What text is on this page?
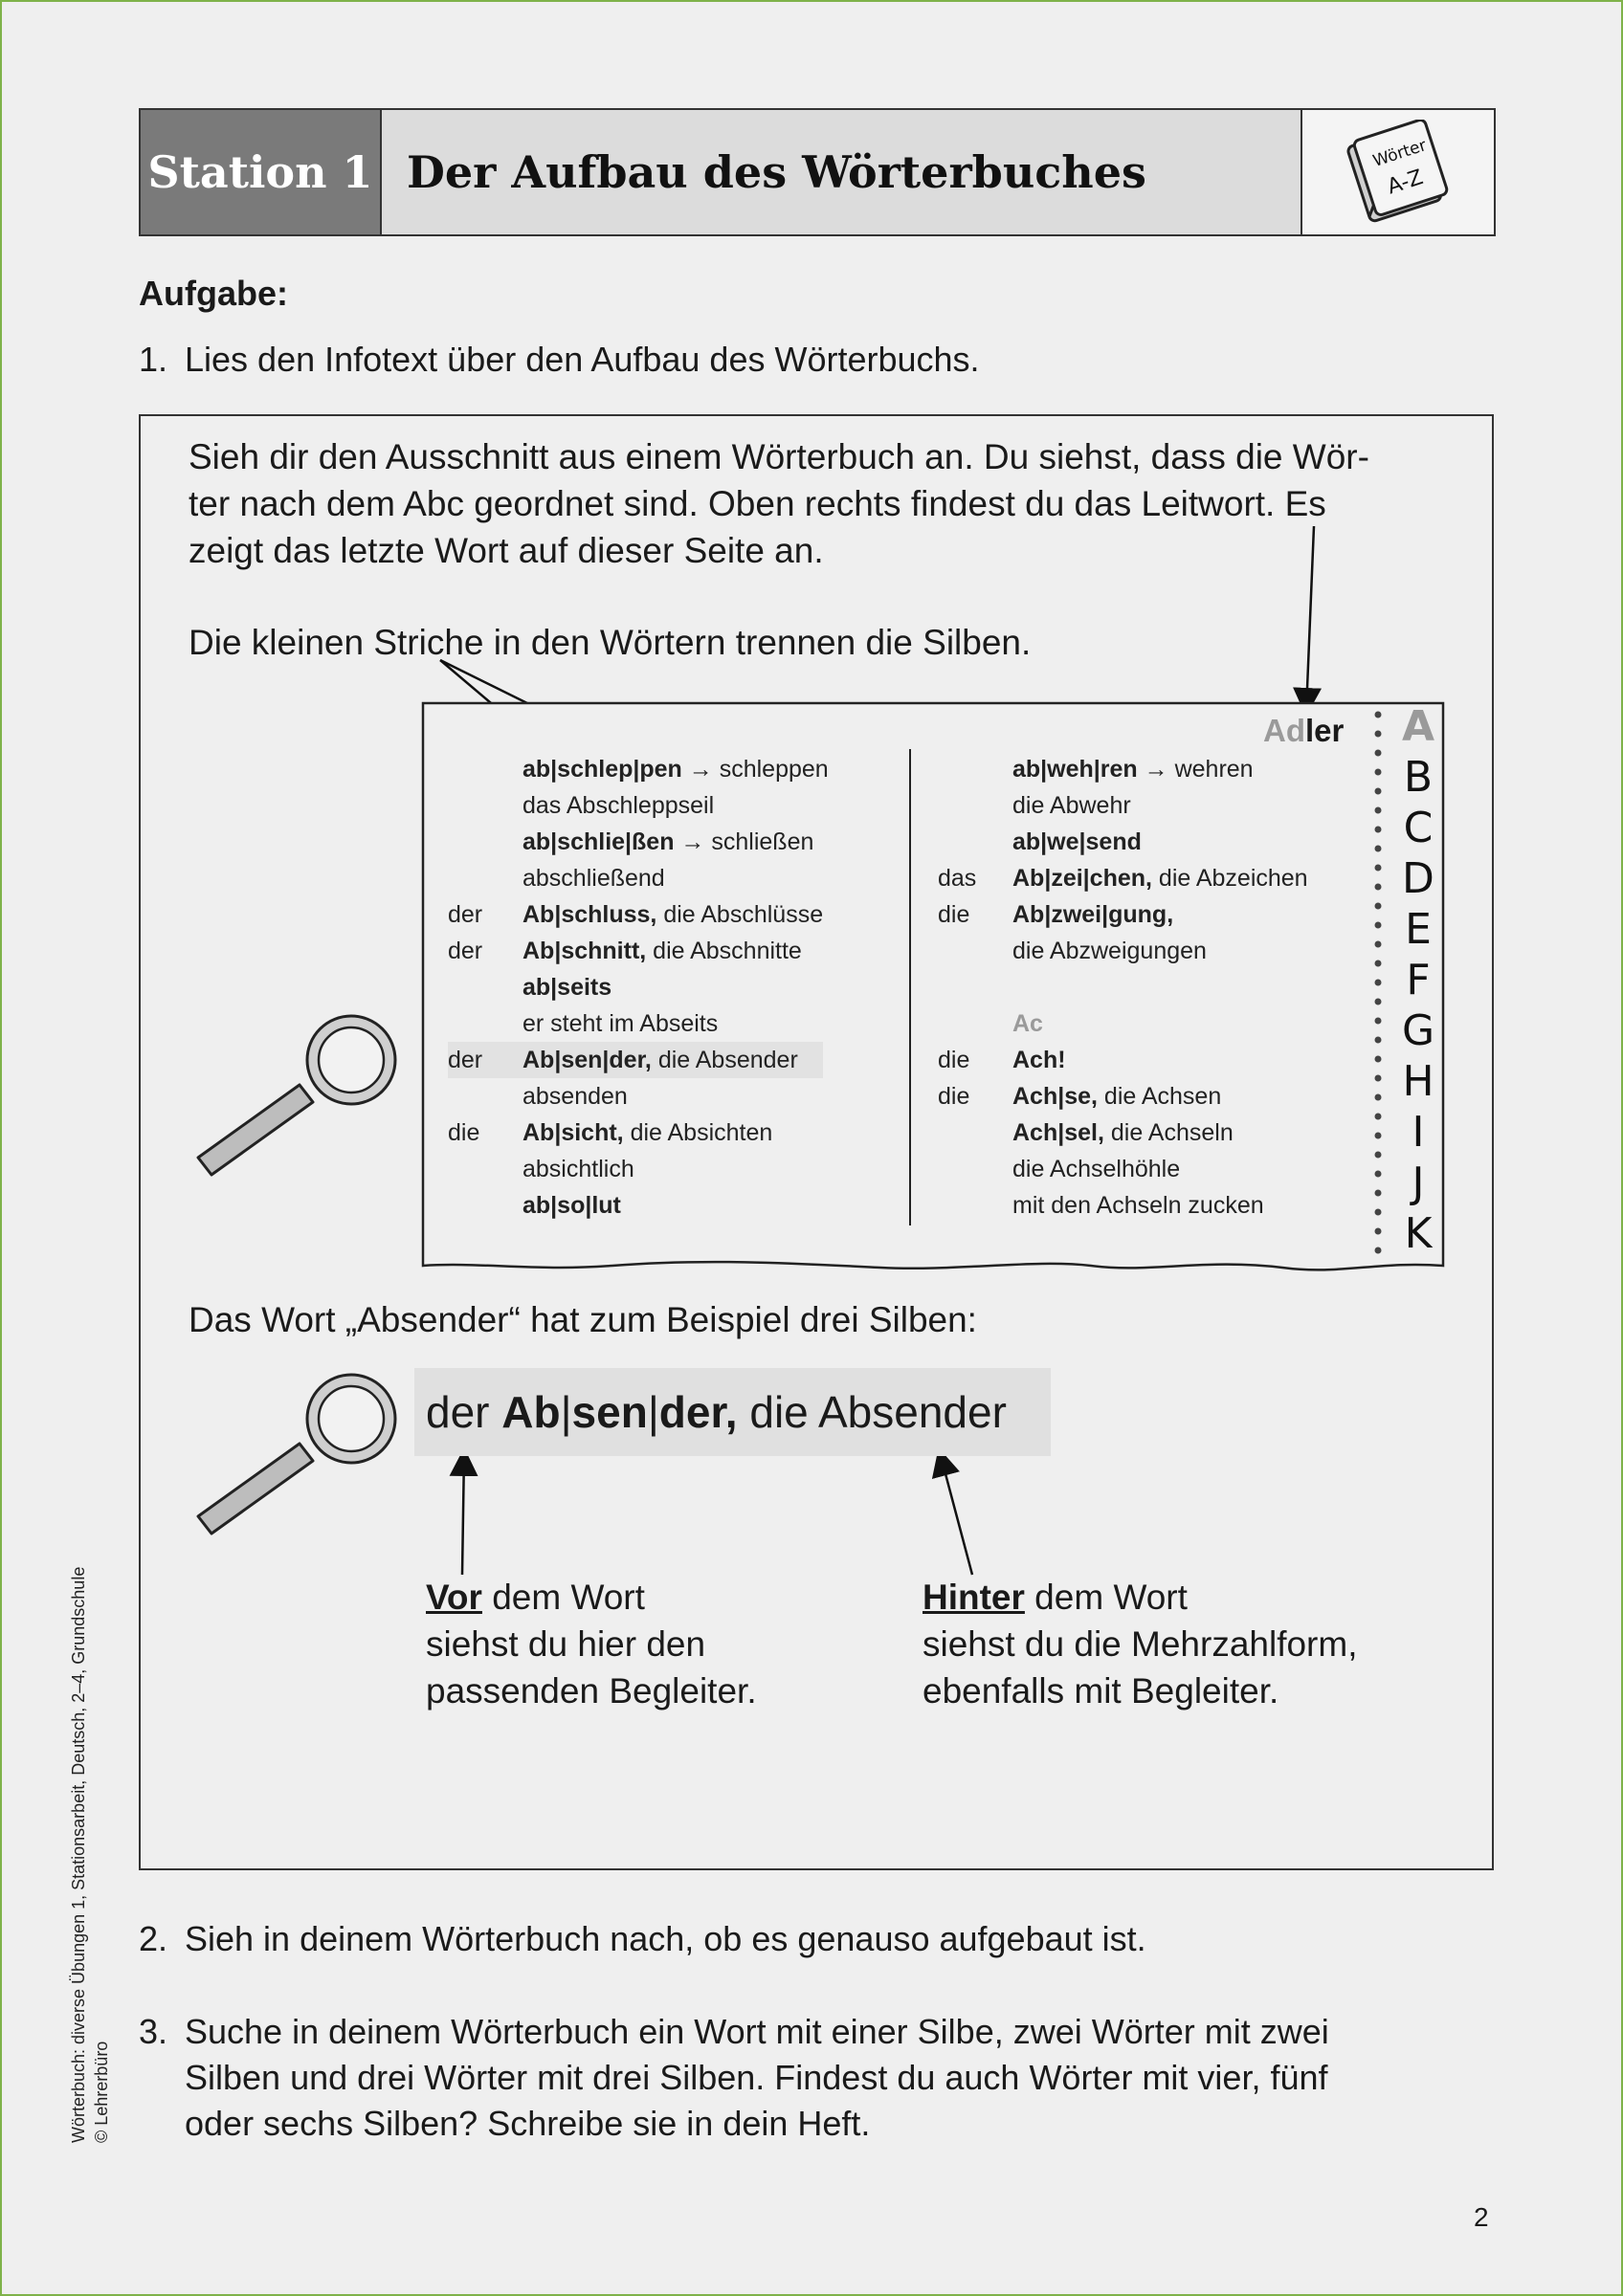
Station 1 Der Aufbau des Wörterbuches	Wörter
A-Z
Aufgabe:
1. Lies den Infotext über den Aufbau des Wörterbuchs.
Sieh dir den Ausschnitt aus einem Wörterbuch an. Du siehst, dass die Wör-
ter nach dem Abc geordnet sind. Oben rechts findest du das Leitwort. Es
zeigt das letzte Wort auf dieser Seite an.
Die kleinen Striche in den Wörtern trennen die Silben.
Das Wort „Absender“ hat zum Beispiel drei Silben:
Adler
ab|schlep|pen → schleppen
das Abschleppseil
ab|schlie|ßen → schließen
abschließend
der Ab|schluss, die Abschlüsse
der Ab|schnitt, die Abschnitte
ab|seits
er steht im Abseits
der Ab|sen|der, die Absender
absenden
die Ab|sicht, die Absichten
absichtlich
ab|so|lut
ab|weh|ren → wehren
die Abwehr
ab|we|send
das Ab|zei|chen, die Abzeichen
die Ab|zwei|gung,
die Abzweigungen
Ac
die Ach!
die Ach|se, die Achsen
Ach|sel, die Achseln
die Achselhöhle
mit den Achseln zucken
A
B
C
D
E
F
G
H
I
J
K
der Ab|sen|der, die Absender
Vor dem Wort
siehst du hier den
passenden Begleiter.
Hinter dem Wort
siehst du die Mehrzahlform,
ebenfalls mit Begleiter.
2. Sieh in deinem Wörterbuch nach, ob es genauso aufgebaut ist.
3. Suche in deinem Wörterbuch ein Wort mit einer Silbe, zwei Wörter mit zwei
Silben und drei Wörter mit drei Silben. Findest du auch Wörter mit vier, fünf
oder sechs Silben? Schreibe sie in dein Heft.
Wörterbuch: diverse Übungen 1, Stationsarbeit, Deutsch, 2–4, Grundschule © Lehrerbüro
2
